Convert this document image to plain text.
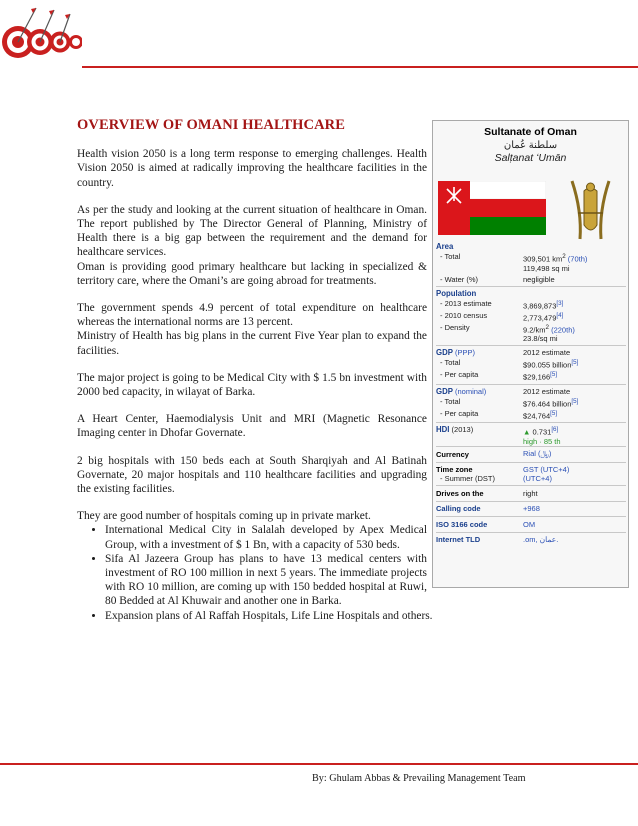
OVERVIEW OF OMANI HEALTHCARE
Health vision 2050 is a long term response to emerging challenges. Health Vision 2050 is aimed at radically improving the healthcare facilities in the country.
As per the study and looking at the current situation of healthcare in Oman. The report published by The Director General of Planning, Ministry of Health there is a big gap between the requirement and the demand for healthcare services.
Oman is providing good primary healthcare but lacking in specialized & territory care, where the Omani’s are going abroad for treatments.
The government spends 4.9 percent of total expenditure on healthcare whereas the international norms are 13 percent.
Ministry of Health has big plans in the current Five Year plan to expand the facilities.
The major project is going to be Medical City with $ 1.5 bn investment with 2000 bed capacity, in wilayat of Barka.
A Heart Center, Haemodialysis Unit and MRI (Magnetic Resonance Imaging center in Dhofar Governate.
2 big hospitals with 150 beds each at South Sharqiyah and Al Batinah Governate, 20 major hospitals and 110 healthcare facilities and upgrading the existing facilities.
They are good number of hospitals coming up in private market.
• International Medical City in Salalah developed by Apex Medical Group, with a investment of $ 1 Bn, with a capacity of 530 beds.
• Sifa Al Jazeera Group has plans to have 13 medical centers with investment of RO 100 million in next 5 years. The immediate projects with RO 10 million, are coming up with 150 bedded hospital at Ruwi, 80 Bedded at Al Khuwair and another one in Barka.
• Expansion plans of Al Raffah Hospitals, Life Line Hospitals and others.
Sultanate of Oman
سلطنة عُمان
Salṭanat ʻUmān
Area
- Total	309,501 $km^2$ (70th)
119,498 sq mi
- Water (%)	negligible
Population
- 2013 estimate	3,869,873[3]
- 2010 census	2,773,479[4]
- Density	$9.2/km^2$ (220th)
23.8/sq mi
GDP (PPP)	2012 estimate
- Total	$90.055 billion[5]
- Per capita	$29,166[5]
GDP (nominal)	2012 estimate
- Total	$76.464 billion[5]
- Per capita	$24,764[5]
HDI (2013)	▲ 0.731[6]
high · 85 th
Currency	Rial (﷼)
Time zone	GST (UTC+4)
- Summer (DST)	(UTC+4)
Drives on the	right
Calling code	+968
ISO 3166 code	OM
Internet TLD	.om, عمان.
By: Ghulam Abbas & Prevailing Management Team
